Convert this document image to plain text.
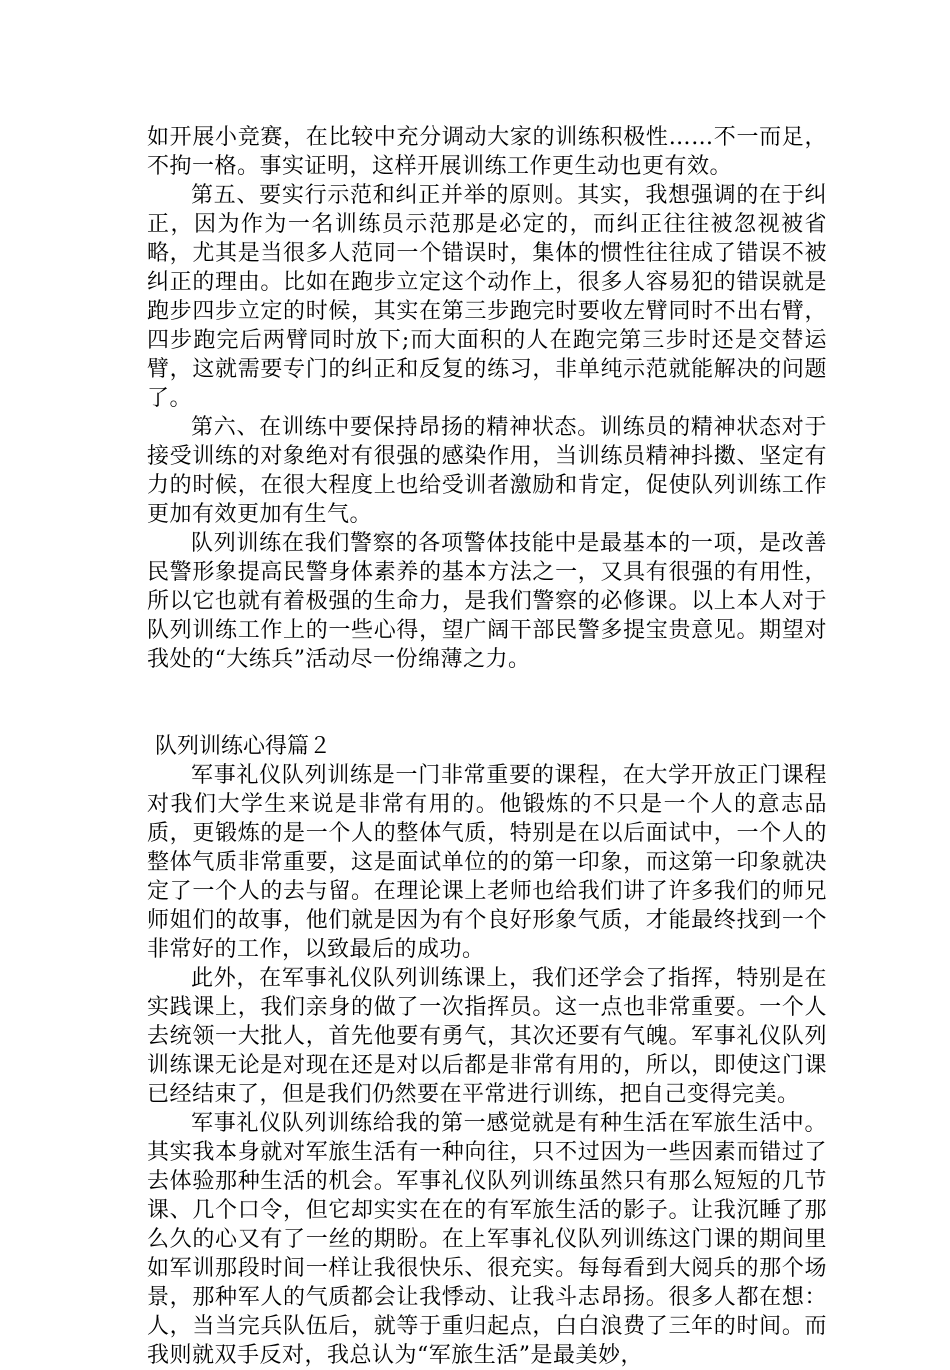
如开展小竞赛，在比较中充分调动大家的训练积极性……不一而足，不拘一格。事实证明，这样开展训练工作更生动也更有效。

第五、要实行示范和纠正并举的原则。其实，我想强调的在于纠正，因为作为一名训练员示范那是必定的，而纠正往往被忽视被省略，尤其是当很多人范同一个错误时，集体的惯性往往成了错误不被纠正的理由。比如在跑步立定这个动作上，很多人容易犯的错误就是跑步四步立定的时候，其实在第三步跑完时要收左臂同时不出右臂，四步跑完后两臂同时放下;而大面积的人在跑完第三步时还是交替运臂，这就需要专门的纠正和反复的练习，非单纯示范就能解决的问题了。

第六、在训练中要保持昂扬的精神状态。训练员的精神状态对于接受训练的对象绝对有很强的感染作用，当训练员精神抖擞、坚定有力的时候，在很大程度上也给受训者激励和肯定，促使队列训练工作更加有效更加有生气。

队列训练在我们警察的各项警体技能中是最基本的一项，是改善民警形象提高民警身体素养的基本方法之一，又具有很强的有用性，所以它也就有着极强的生命力，是我们警察的必修课。以上本人对于队列训练工作上的一些心得，望广阔干部民警多提宝贵意见。期望对我处的“大练兵”活动尽一份绵薄之力。

队列训练心得篇２

军事礼仪队列训练是一门非常重要的课程，在大学开放正门课程对我们大学生来说是非常有用的。他锻炼的不只是一个人的意志品质，更锻炼的是一个人的整体气质，特别是在以后面试中，一个人的整体气质非常重要，这是面试单位的的第一印象，而这第一印象就决定了一个人的去与留。在理论课上老师也给我们讲了许多我们的师兄师姐们的故事，他们就是因为有个良好形象气质，才能最终找到一个非常好的工作，以致最后的成功。

此外，在军事礼仪队列训练课上，我们还学会了指挥，特别是在实践课上，我们亲身的做了一次指挥员。这一点也非常重要。一个人去统领一大批人，首先他要有勇气，其次还要有气魄。军事礼仪队列训练课无论是对现在还是对以后都是非常有用的，所以，即使这门课已经结束了，但是我们仍然要在平常进行训练，把自己变得完美。

军事礼仪队列训练给我的第一感觉就是有种生活在军旅生活中。其实我本身就对军旅生活有一种向往，只不过因为一些因素而错过了去体验那种生活的机会。军事礼仪队列训练虽然只有那么短短的几节课、几个口令，但它却实实在在的有军旅生活的影子。让我沉睡了那么久的心又有了一丝的期盼。在上军事礼仪队列训练这门课的期间里如军训那段时间一样让我很快乐、很充实。每每看到大阅兵的那个场景，那种军人的气质都会让我悸动、让我斗志昂扬。很多人都在想：人，当当完兵队伍后，就等于重归起点，白白浪费了三年的时间。而我则就双手反对，我总认为“军旅生活”是最美妙，
